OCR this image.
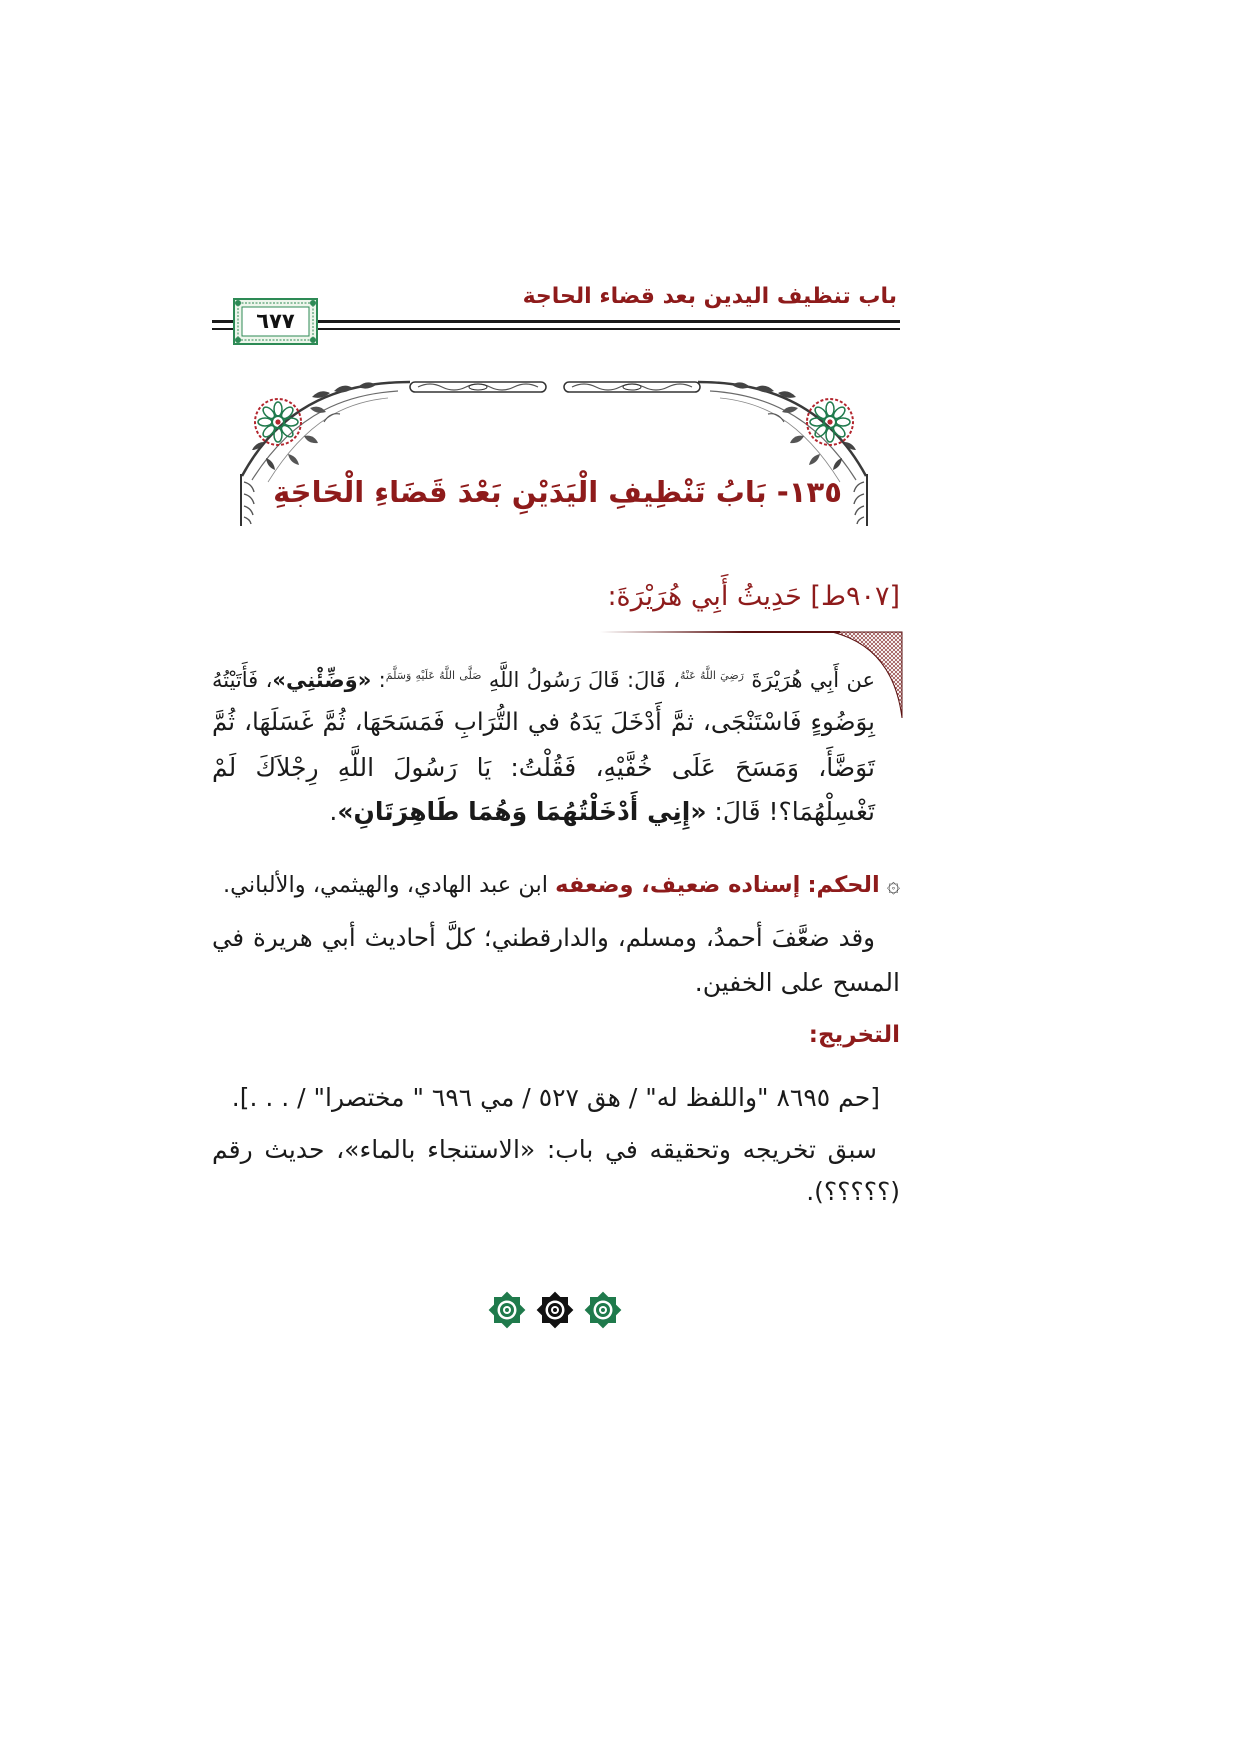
باب تنظيف اليدين بعد قضاء الحاجة
٦٧٧
١٣٥- بَابُ تَنْظِيفِ الْيَدَيْنِ بَعْدَ قَضَاءِ الْحَاجَةِ
[٩٠٧ط] حَدِيثُ أَبِي هُرَيْرَةَ:
عن أَبِي هُرَيْرَةَ $^{رَضِيَ اللَّهُ عَنْهُ}$، قَالَ: قَالَ رَسُولُ اللَّهِ $^{صَلَّى اللَّهُ عَلَيْهِ وَسَلَّمَ}$: «وَضِّئْنِي»، فَأَتَيْتُهُ
بِوَضُوءٍ فَاسْتَنْجَى، ثمَّ أَدْخَلَ يَدَهُ في التُّرَابِ فَمَسَحَهَا، ثُمَّ غَسَلَهَا، ثُمَّ
تَوَضَّأَ، وَمَسَحَ عَلَى خُفَّيْهِ، فَقُلْتُ: يَا رَسُولَ اللَّهِ رِجْلاَكَ لَمْ
تَغْسِلْهُمَا؟! قَالَ: «إِنِي أَدْخَلْتُهُمَا وَهُمَا طَاهِرَتَانِ».
۞ الحكم: إسناده ضعيف، وضعفه ابن عبد الهادي، والهيثمي، والألباني.
وقد ضعَّفَ أحمدُ، ومسلم، والدارقطني؛ كلَّ أحاديث أبي هريرة في
المسح على الخفين.
التخريج:
[حم ٨٦٩٥ "واللفظ له" / هق ٥٢٧ / مي ٦٩٦ " مختصرا" / . . .].
سبق تخريجه وتحقيقه في باب: «الاستنجاء بالماء»، حديث رقم
(؟؟؟؟؟).
